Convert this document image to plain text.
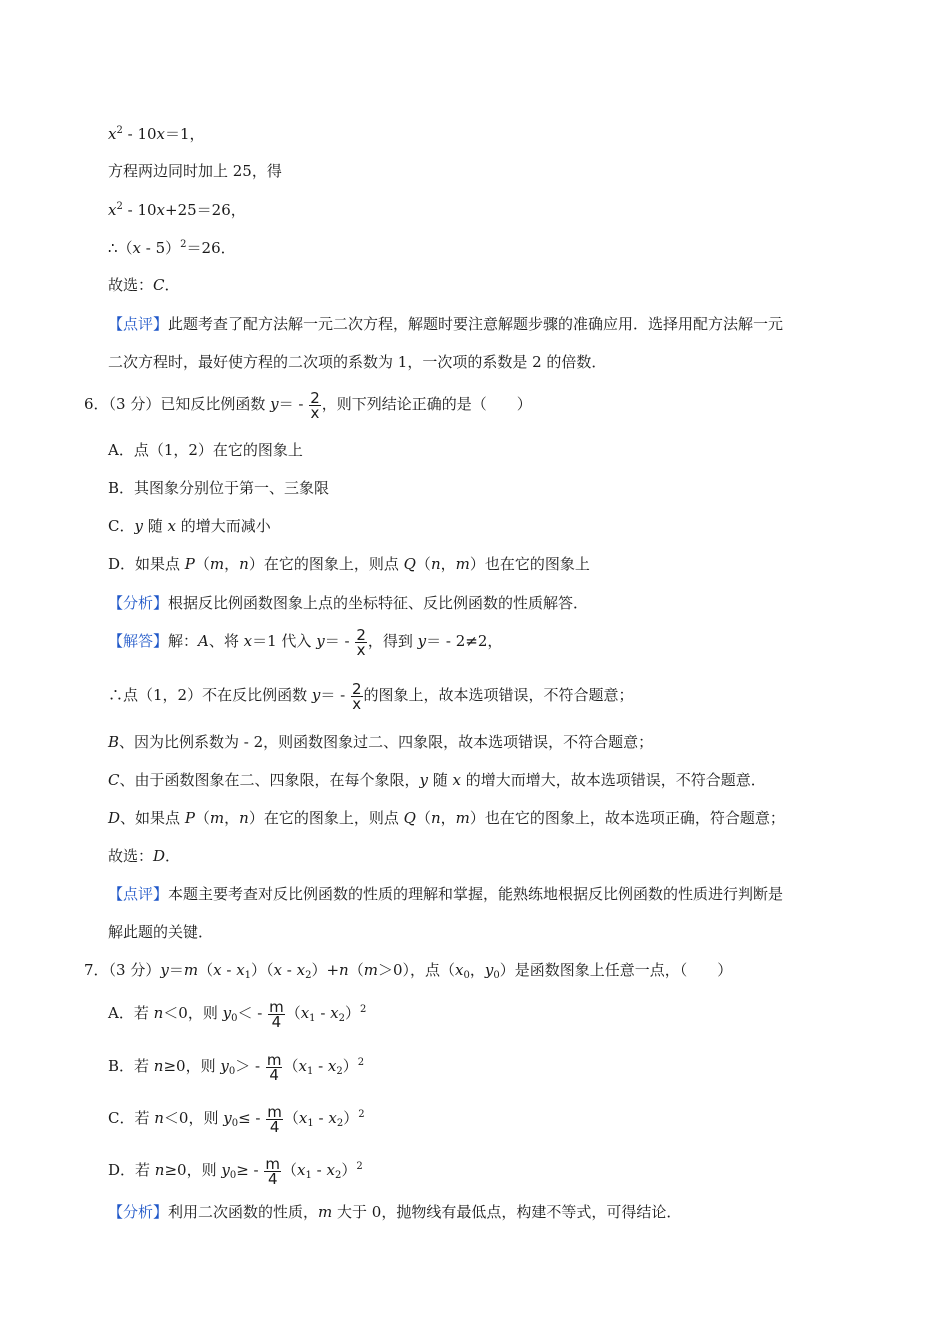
$x^2 - 10x=1$，
方程两边同时加上 25，得
$x^2 - 10x+25=26$，
∴（x - 5）$^2$＝26．
故选：C．
【点评】此题考查了配方法解一元二次方程，解题时要注意解题步骤的准确应用．选择用配方法解一元
二次方程时，最好使方程的二次项的系数为 1，一次项的系数是 2 的倍数．
6．（3 分）已知反比例函数 $y= - \frac{2}{x}$ ，则下列结论正确的是（　　）
A．点（1，2）在它的图象上
B．其图象分别位于第一、三象限
C．y 随 x 的增大而减小
D．如果点 P（m，n）在它的图象上，则点 Q（n，m）也在它的图象上
【分析】根据反比例函数图象上点的坐标特征、反比例函数的性质解答．
【解答】解：A、将 x＝1 代入 $y= - \frac{2}{x}$ ，得到 y＝ - 2≠2，
∴点（1，2）不在反比例函数 $y= - \frac{2}{x}$ 的图象上，故本选项错误，不符合题意；
B、因为比例系数为 - 2，则函数图象过二、四象限，故本选项错误，不符合题意；
C、由于函数图象在二、四象限，在每个象限，y 随 x 的增大而增大，故本选项错误，不符合题意．
D、如果点 P（m，n）在它的图象上，则点 Q（n，m）也在它的图象上，故本选项正确，符合题意；
故选：D．
【点评】本题主要考查对反比例函数的性质的理解和掌握，能熟练地根据反比例函数的性质进行判断是
解此题的关键．
7．（3 分）$y=m(x - x_1)(x - x_2)+n(m>0)$，点（$x_0$，$y_0$）是函数图象上任意一点，（　　）
A．若 n＜0，则 $y_0< - \frac{m}{4} (x_1 - x_2)^2$
B．若 n≥0，则 $y_0> - \frac{m}{4} (x_1 - x_2)^2$
C．若 n＜0，则 $y_0\le - \frac{m}{4} (x_1 - x_2)^2$
D．若 n≥0，则 $y_0\ge - \frac{m}{4} (x_1 - x_2)^2$
【分析】利用二次函数的性质，m 大于 0，抛物线有最低点，构建不等式，可得结论．
